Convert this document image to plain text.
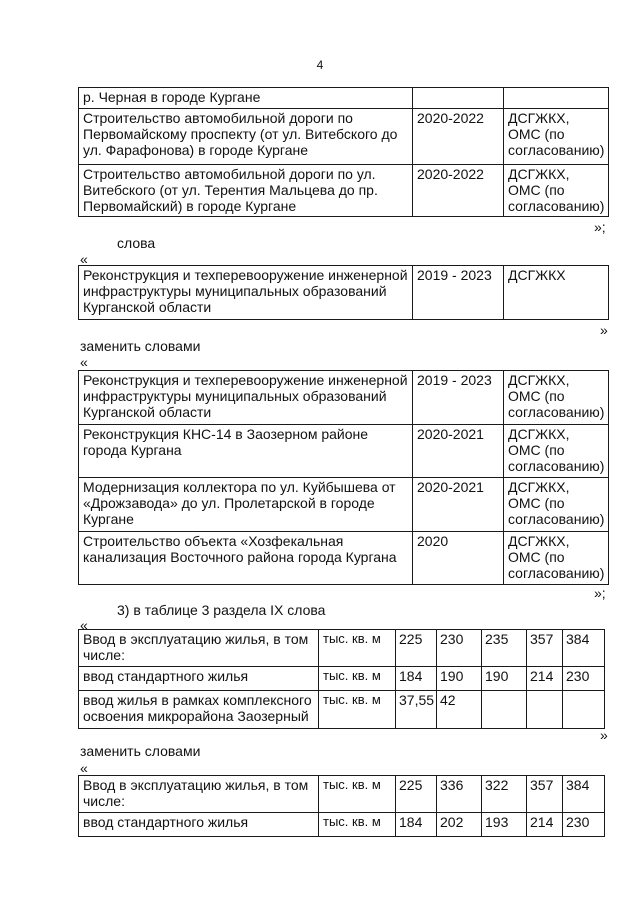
4
р. Черная в городе Кургане		
Строительство автомобильной дороги по Первомайскому проспекту (от ул. Витебского до ул. Фарафонова) в городе Кургане	2020-2022	ДСГЖКХ, ОМС (по согласованию)
Строительство автомобильной дороги по ул. Витебского (от ул. Терентия Мальцева до пр. Первомайский) в городе Кургане	2020-2022	ДСГЖКХ, ОМС (по согласованию)
»;
слова
«
Реконструкция и техперевооружение инженерной инфраструктуры муниципальных образований Курганской области	2019 - 2023	ДСГЖКХ
»
заменить словами
«
Реконструкция и техперевооружение инженерной инфраструктуры муниципальных образований Курганской области	2019 - 2023	ДСГЖКХ, ОМС (по согласованию)
Реконструкция КНС-14 в Заозерном районе города Кургана	2020-2021	ДСГЖКХ, ОМС (по согласованию)
Модернизация коллектора по ул. Куйбышева от «Дрожзавода» до ул. Пролетарской в городе Кургане	2020-2021	ДСГЖКХ, ОМС (по согласованию)
Строительство объекта «Хозфекальная канализация Восточного района города Кургана	2020	ДСГЖКХ, ОМС (по согласованию)
»;
3) в таблице 3 раздела IX слова
«
Ввод в эксплуатацию жилья, в том числе:	тыс. кв. м	225	230	235	357	384
ввод стандартного жилья	тыс. кв. м	184	190	190	214	230
ввод жилья в рамках комплексного освоения микрорайона Заозерный	тыс. кв. м	37,55	42			
»
заменить словами
«
Ввод в эксплуатацию жилья, в том числе:	тыс. кв. м	225	336	322	357	384
ввод стандартного жилья	тыс. кв. м	184	202	193	214	230
